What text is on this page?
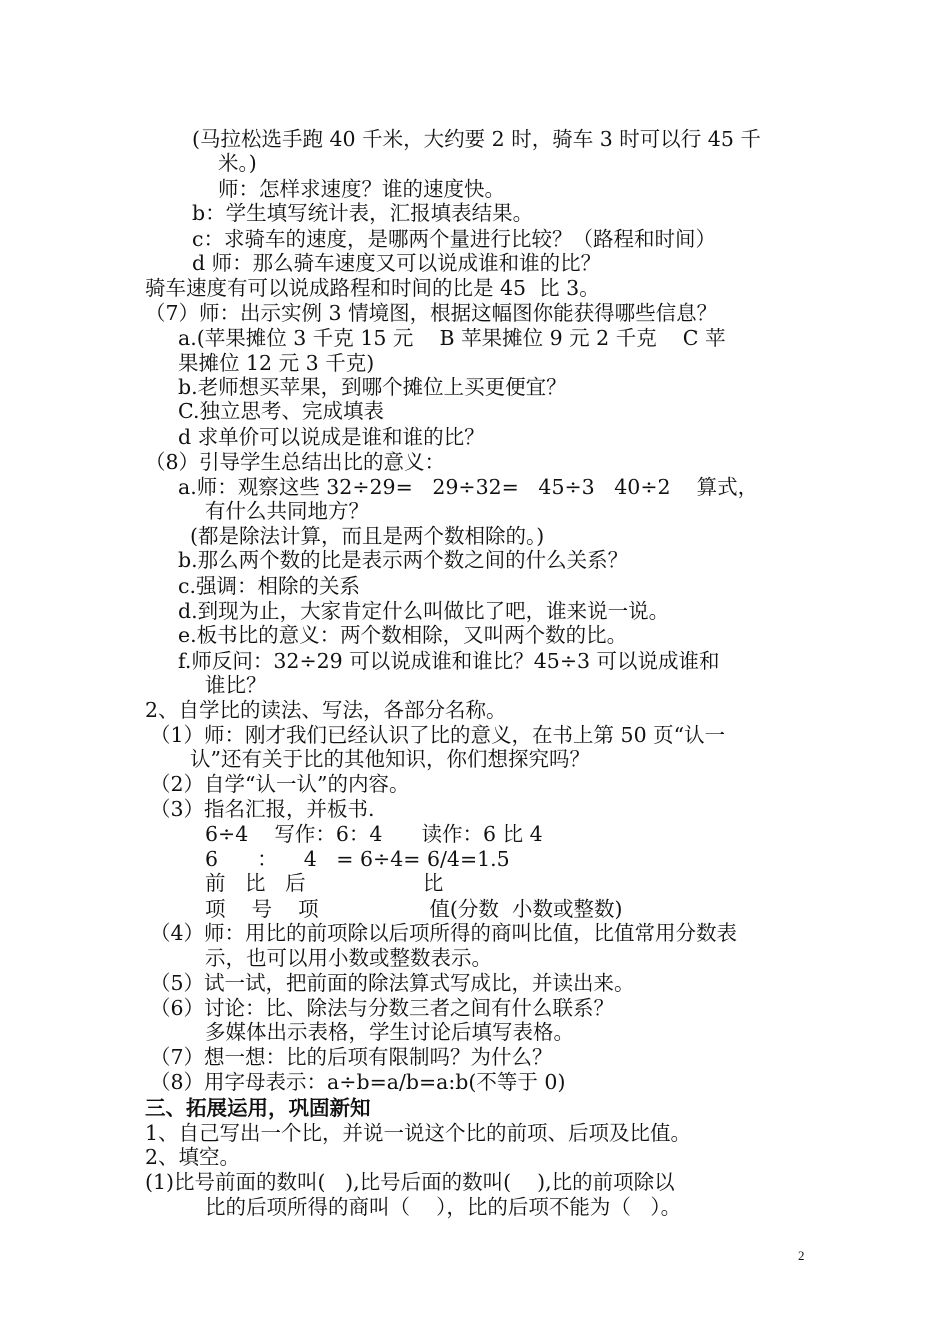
(马拉松选手跑 40 千米，大约要 2 时，骑车 3 时可以行 45 千
米。)
师：怎样求速度？谁的速度快。
b：学生填写统计表，汇报填表结果。
c：求骑车的速度，是哪两个量进行比较？（路程和时间）
d 师：那么骑车速度又可以说成谁和谁的比？
骑车速度有可以说成路程和时间的比是 45  比 3。
（7）师：出示实例 3 情境图，根据这幅图你能获得哪些信息？
a.(苹果摊位 3 千克 15 元    B 苹果摊位 9 元 2 千克    C 苹
果摊位 12 元 3 千克)
b.老师想买苹果，到哪个摊位上买更便宜？
C.独立思考、完成填表
d 求单价可以说成是谁和谁的比？
（8）引导学生总结出比的意义：
a.师：观察这些 32÷29=   29÷32=   45÷3   40÷2    算式，
有什么共同地方？
(都是除法计算，而且是两个数相除的。)
b.那么两个数的比是表示两个数之间的什么关系？
c.强调：相除的关系
d.到现为止，大家肯定什么叫做比了吧，谁来说一说。
e.板书比的意义：两个数相除，又叫两个数的比。
f.师反问：32÷29 可以说成谁和谁比？45÷3 可以说成谁和
谁比？
2、自学比的读法、写法，各部分名称。
（1）师：刚才我们已经认识了比的意义，在书上第 50 页“认一
认”还有关于比的其他知识，你们想探究吗？
（2）自学“认一认”的内容。
（3）指名汇报，并板书.
6÷4    写作：6：4      读作：6 比 4
6      ：    4   = 6÷4= 6/4=1.5
前   比   后                  比
项    号    项                 值(分数  小数或整数)
（4）师：用比的前项除以后项所得的商叫比值，比值常用分数表
示，也可以用小数或整数表示。
（5）试一试，把前面的除法算式写成比，并读出来。
（6）讨论：比、除法与分数三者之间有什么联系？
多媒体出示表格，学生讨论后填写表格。
（7）想一想：比的后项有限制吗？为什么？
（8）用字母表示：a÷b=a/b=a:b(不等于 0)
三、拓展运用，巩固新知
1、自己写出一个比，并说一说这个比的前项、后项及比值。
2、填空。
(1)比号前面的数叫(   ),比号后面的数叫(    ),比的前项除以
比的后项所得的商叫（    ），比的后项不能为（   ）。
2
